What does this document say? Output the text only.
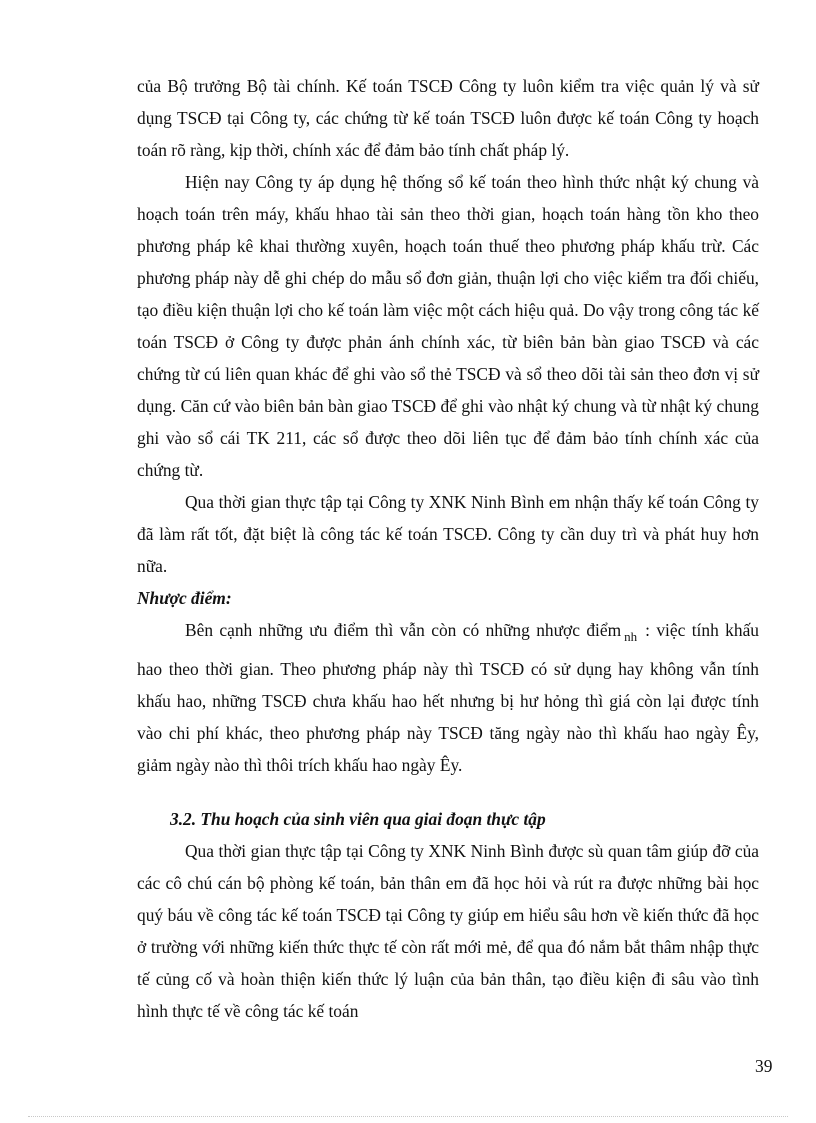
của Bộ trưởng Bộ tài chính. Kế toán TSCĐ Công ty luôn kiểm tra việc quản lý và sử dụng TSCĐ tại Công ty, các chứng từ kế toán TSCĐ luôn được kế toán Công ty hoạch toán rõ ràng, kịp thời, chính xác để đảm bảo tính chất pháp lý.

Hiện nay Công ty áp dụng hệ thống sổ kế toán theo hình thức nhật ký chung và hoạch toán trên máy, khấu hhao tài sản theo thời gian, hoạch toán hàng tồn kho theo phương pháp kê khai thường xuyên, hoạch toán thuế theo phương pháp khấu trừ. Các phương pháp này dễ ghi chép do mẫu sổ đơn giản, thuận lợi cho việc kiểm tra đối chiếu, tạo điều kiện thuận lợi cho kế toán làm việc một cách hiệu quả. Do vậy trong công tác kế toán TSCĐ ở Công ty được phản ánh chính xác, từ biên bản bàn giao TSCĐ và các chứng từ cú liên quan khác để ghi vào sổ thẻ TSCĐ và sổ theo dõi tài sản theo đơn vị sử dụng. Căn cứ vào biên bản bàn giao TSCĐ để ghi vào nhật ký chung và từ nhật ký chung ghi vào sổ cái TK 211, các sổ được theo dõi liên tục để đảm bảo tính chính xác của chứng từ.

Qua thời gian thực tập tại Công ty XNK Ninh Bình em nhận thấy kế toán Công ty đã làm rất tốt, đặt biệt là công tác kế toán TSCĐ. Công ty cần duy trì và phát huy hơn nữa.

Nhược điểm:

Bên cạnh những ưu điểm thì vẫn còn có những nhược điểm $_{nh}$ : việc tính khấu hao theo thời gian. Theo phương pháp này thì TSCĐ có sử dụng hay không vẫn tính khấu hao, những TSCĐ chưa khấu hao hết nhưng bị hư hỏng thì giá còn lại được tính vào chi phí khác, theo phương pháp này TSCĐ tăng ngày nào thì khấu hao ngày Êy, giảm ngày nào thì thôi trích khấu hao ngày Êy.

3.2. Thu hoạch của sinh viên qua giai đoạn thực tập

Qua thời gian thực tập tại Công ty XNK Ninh Bình được sù quan tâm giúp đỡ của các cô chú cán bộ phòng kế toán, bản thân em đã học hỏi và rút ra được những bài học quý báu về công tác kế toán TSCĐ tại Công ty giúp em hiểu sâu hơn về kiến thức đã học ở trường với những kiến thức thực tế còn rất mới mẻ, để qua đó nắm bắt thâm nhập thực tế củng cố và hoàn thiện kiến thức lý luận của bản thân, tạo điều kiện đi sâu vào tình hình thực tế về công tác kế toán

39
